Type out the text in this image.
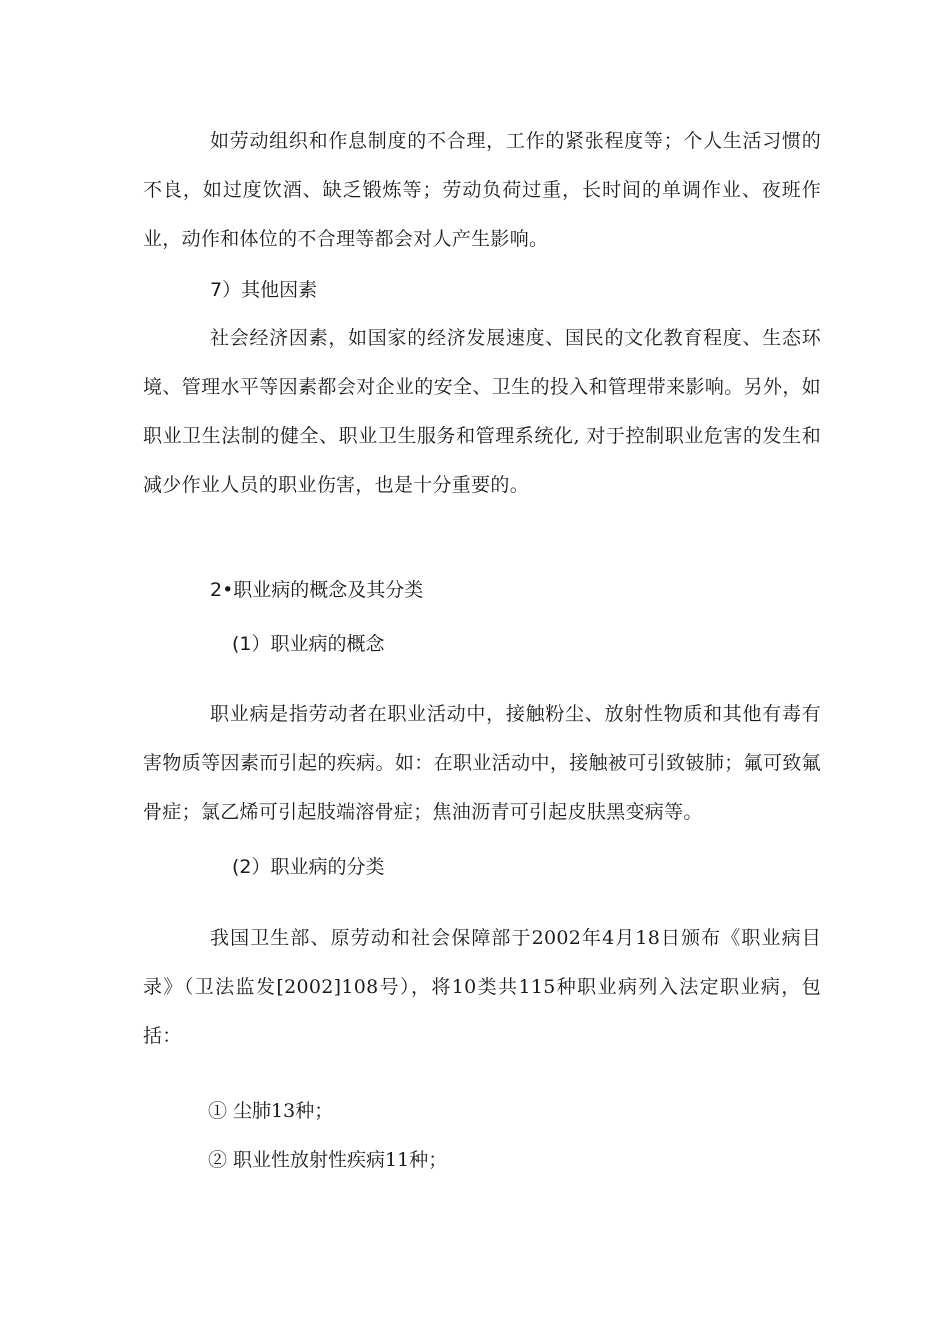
如劳动组织和作息制度的不合理，工作的紧张程度等；个人生活习惯的不良，如过度饮酒、缺乏锻炼等；劳动负荷过重，长时间的单调作业、夜班作业，动作和体位的不合理等都会对人产生影响。

7）其他因素

社会经济因素，如国家的经济发展速度、国民的文化教育程度、生态环境、管理水平等因素都会对企业的安全、卫生的投入和管理带来影响。另外，如职业卫生法制的健全、职业卫生服务和管理系统化, 对于控制职业危害的发生和减少作业人员的职业伤害，也是十分重要的。

2•职业病的概念及其分类

(1）职业病的概念

职业病是指劳动者在职业活动中，接触粉尘、放射性物质和其他有毒有害物质等因素而引起的疾病。如：在职业活动中，接触被可引致铍肺；氟可致氟骨症；氯乙烯可引起肢端溶骨症；焦油沥青可引起皮肤黑变病等。

(2）职业病的分类

我国卫生部、原劳动和社会保障部于2002年4月18日颁布《职业病目录》（卫法监发[2002]108号），将10类共115种职业病列入法定职业病，包括：

① 尘肺13种；

② 职业性放射性疾病11种；
